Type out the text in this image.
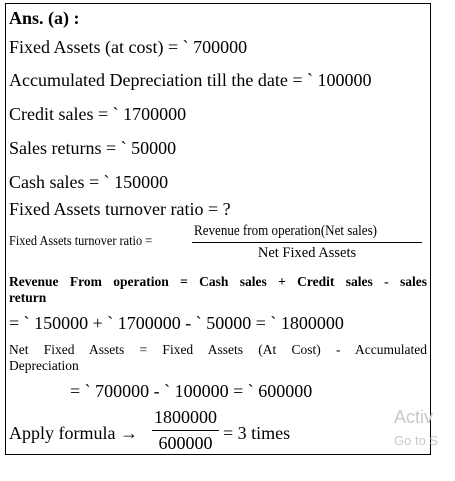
Ans. (a) :
Fixed Assets (at cost) = ` 700000
Accumulated Depreciation till the date = ` 100000
Credit sales = ` 1700000
Sales returns = ` 50000
Cash sales = ` 150000
Fixed Assets turnover ratio = ?
Fixed Assets turnover ratio =
Revenue from operation(Net sales)
Net Fixed Assets
Revenue From operation = Cash sales + Credit sales - sales
return
= ` 150000 + ` 1700000 - ` 50000 = ` 1800000
Net Fixed Assets = Fixed Assets (At Cost) - Accumulated
Depreciation
= ` 700000 - ` 100000 = ` 600000
Apply formula → $\frac{1800000}{600000} = 3$ times
Activ
Go to S
